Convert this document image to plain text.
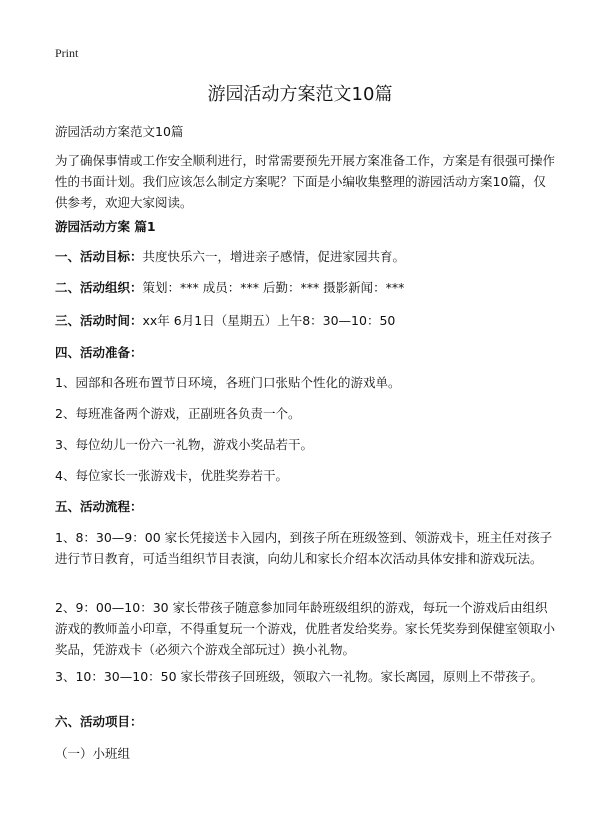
Print
游园活动方案范文10篇

游园活动方案范文10篇

为了确保事情或工作安全顺利进行，时常需要预先开展方案准备工作，方案是有很强可操作性的书面计划。我们应该怎么制定方案呢？下面是小编收集整理的游园活动方案10篇，仅供参考，欢迎大家阅读。

游园活动方案 篇1

一、活动目标：共度快乐六一，增进亲子感情，促进家园共育。

二、活动组织：策划：*** 成员：*** 后勤：*** 摄影新闻：***

三、活动时间：xx年 6月1日（星期五）上午8：30—10：50

四、活动准备：

1、园部和各班布置节日环境，各班门口张贴个性化的游戏单。

2、每班准备两个游戏，正副班各负责一个。

3、每位幼儿一份六一礼物，游戏小奖品若干。

4、每位家长一张游戏卡，优胜奖券若干。

五、活动流程：

1、8：30—9：00 家长凭接送卡入园内，到孩子所在班级签到、领游戏卡，班主任对孩子进行节日教育，可适当组织节目表演，向幼儿和家长介绍本次活动具体安排和游戏玩法。

2、9：00—10：30 家长带孩子随意参加同年龄班级组织的游戏，每玩一个游戏后由组织游戏的教师盖小印章，不得重复玩一个游戏，优胜者发给奖券。家长凭奖券到保健室领取小奖品，凭游戏卡（必须六个游戏全部玩过）换小礼物。

3、10：30—10：50 家长带孩子回班级，领取六一礼物。家长离园，原则上不带孩子。

六、活动项目：

（一）小班组
